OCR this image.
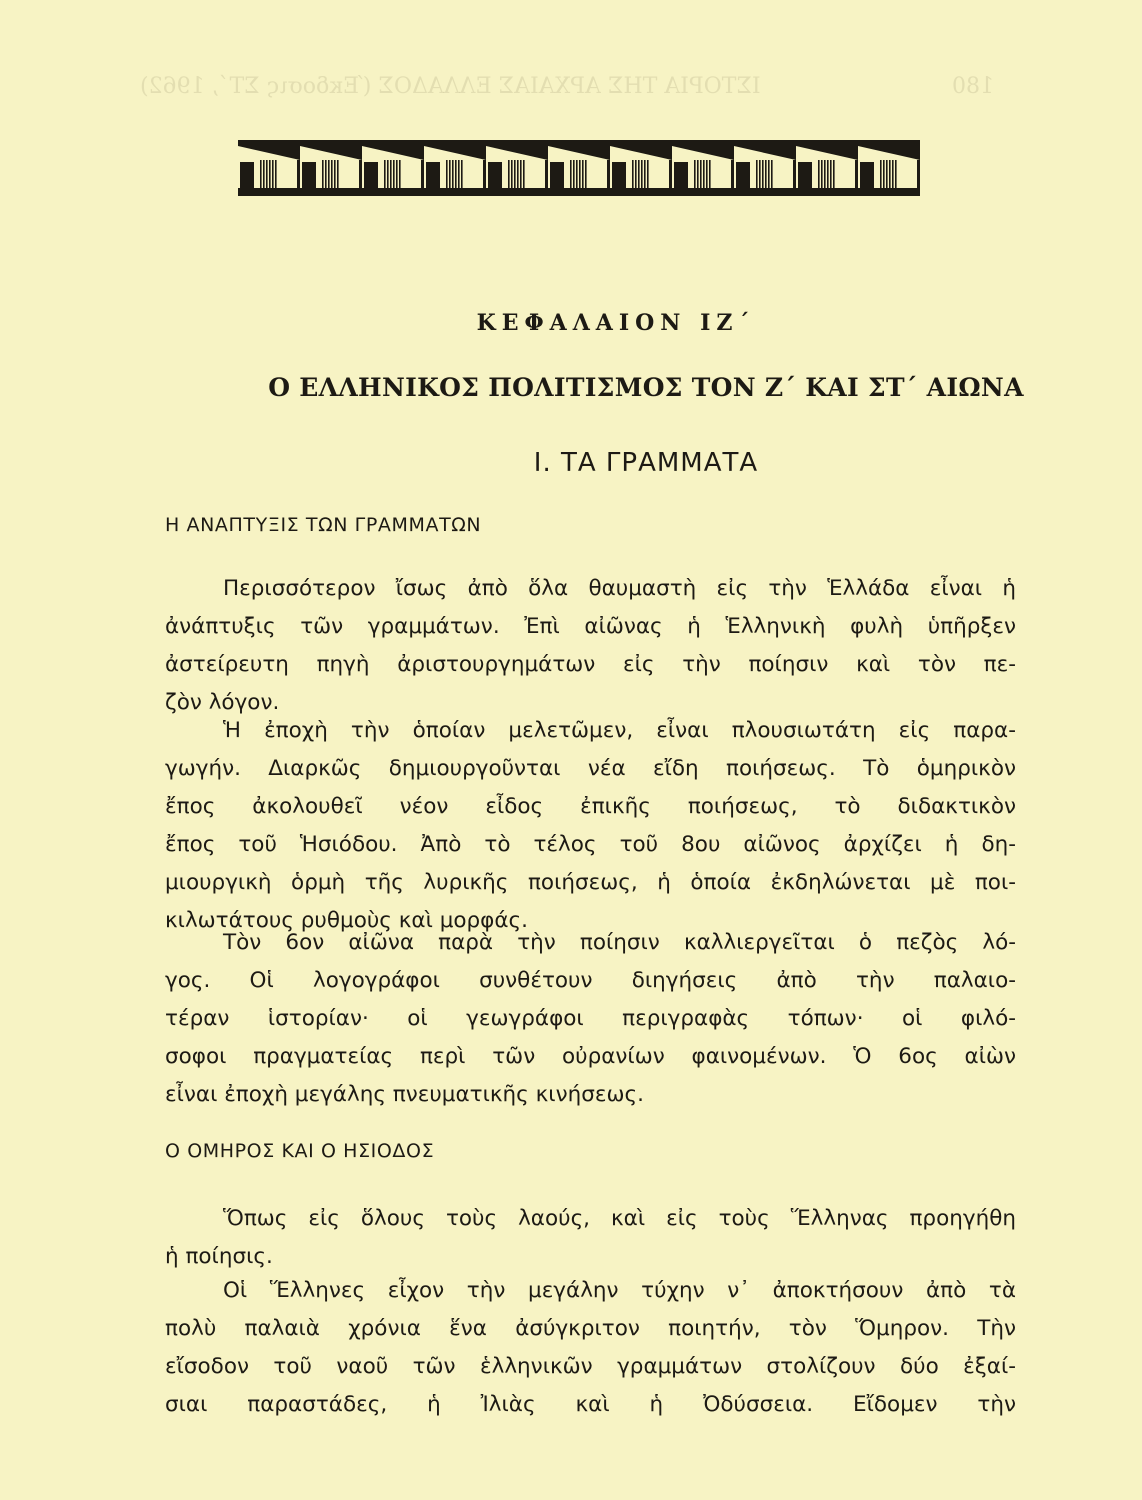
ΙΣΤΟΡΙΑ ΤΗΣ ΑΡΧΑΙΑΣ ΕΛΛΑΔΟΣ (Έκδοσις ΣΤ΄, 1962)	180
ΚΕΦΑΛΑΙΟΝ ΙΖ΄
Ο ΕΛΛΗΝΙΚΟΣ ΠΟΛΙΤΙΣΜΟΣ ΤΟΝ Ζ΄ ΚΑΙ ΣΤ΄ ΑΙΩΝΑ
Ι. ΤΑ ΓΡΑΜΜΑΤΑ
Η ΑΝΑΠΤΥΞΙΣ ΤΩΝ ΓΡΑΜΜΑΤΩΝ
Περισσότερον ἴσως ἀπὸ ὅλα θαυμαστὴ εἰς τὴν Ἑλλάδα εἶναι ἡ
ἀνάπτυξις τῶν γραμμάτων. Ἐπὶ αἰῶνας ἡ Ἑλληνικὴ φυλὴ ὑπῆρξεν
ἀστείρευτη πηγὴ ἀριστουργημάτων εἰς τὴν ποίησιν καὶ τὸν πε-
ζὸν λόγον.
Ἡ ἐποχὴ τὴν ὁποίαν μελετῶμεν, εἶναι πλουσιωτάτη εἰς παρα-
γωγήν. Διαρκῶς δημιουργοῦνται νέα εἴδη ποιήσεως. Τὸ ὁμηρικὸν
ἔπος ἀκολουθεῖ νέον εἶδος ἐπικῆς ποιήσεως, τὸ διδακτικὸν
ἔπος τοῦ Ἡσιόδου. Ἀπὸ τὸ τέλος τοῦ 8ου αἰῶνος ἀρχίζει ἡ δη-
μιουργικὴ ὁρμὴ τῆς λυρικῆς ποιήσεως, ἡ ὁποία ἐκδηλώνεται μὲ ποι-
κιλωτάτους ρυθμοὺς καὶ μορφάς.
Τὸν 6ον αἰῶνα παρὰ τὴν ποίησιν καλλιεργεῖται ὁ πεζὸς λό-
γος. Οἱ λογογράφοι συνθέτουν διηγήσεις ἀπὸ τὴν παλαιο-
τέραν ἱστορίαν· οἱ γεωγράφοι περιγραφὰς τόπων· οἱ φιλό-
σοφοι πραγματείας περὶ τῶν οὐρανίων φαινομένων. Ὁ 6ος αἰὼν
εἶναι ἐποχὴ μεγάλης πνευματικῆς κινήσεως.
Ο ΟΜΗΡΟΣ ΚΑΙ Ο ΗΣΙΟΔΟΣ
Ὅπως εἰς ὅλους τοὺς λαούς, καὶ εἰς τοὺς Ἕλληνας προηγήθη
ἡ ποίησις.
Οἱ Ἕλληνες εἶχον τὴν μεγάλην τύχην ν᾽ ἀποκτήσουν ἀπὸ τὰ
πολὺ παλαιὰ χρόνια ἕνα ἀσύγκριτον ποιητήν, τὸν Ὅμηρον. Τὴν
εἴσοδον τοῦ ναοῦ τῶν ἑλληνικῶν γραμμάτων στολίζουν δύο ἐξαί-
σιαι παραστάδες, ἡ Ἰλιὰς καὶ ἡ Ὀδύσσεια. Εἴδομεν τὴν
